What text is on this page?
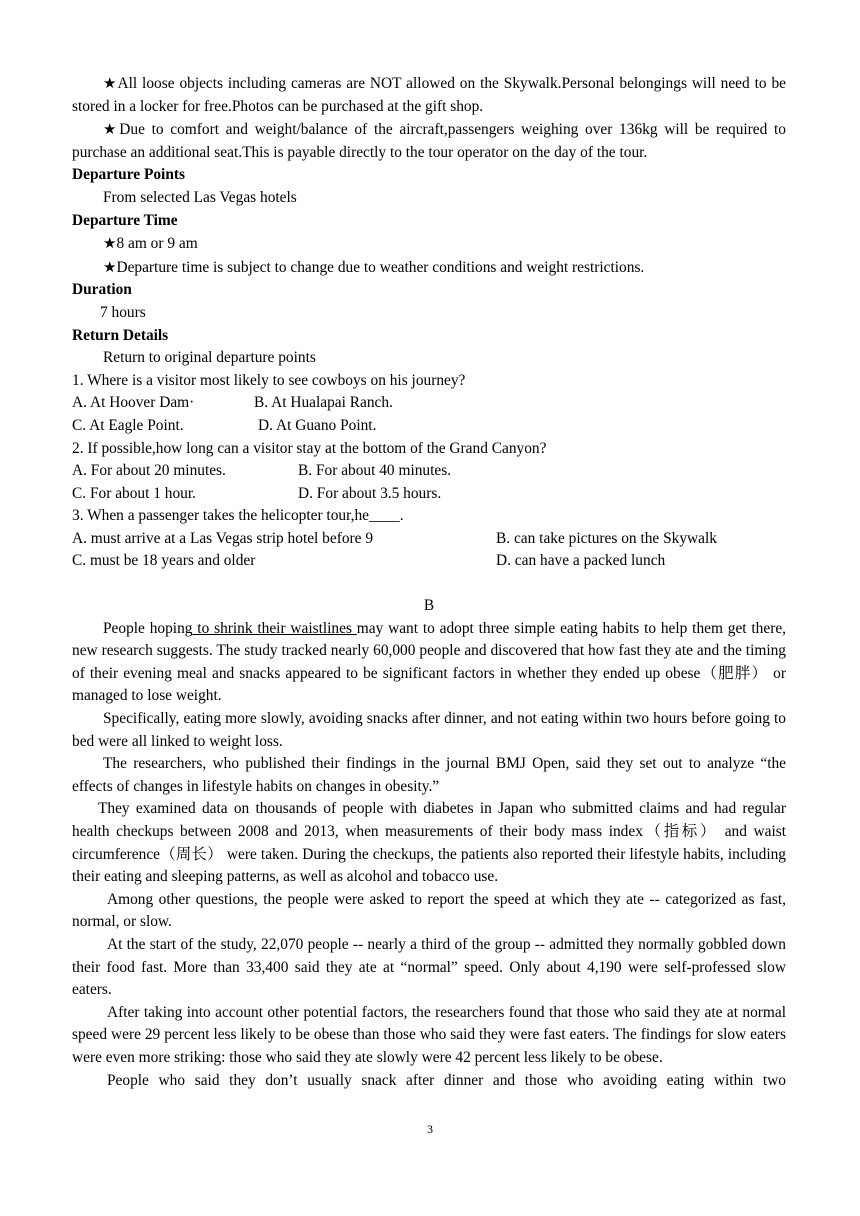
★All loose objects including cameras are NOT allowed on the Skywalk.Personal belongings will need to be stored in a locker for free.Photos can be purchased at the gift shop.

★Due to comfort and weight/balance of the aircraft,passengers weighing over 136kg will be required to purchase an additional seat.This is payable directly to the tour operator on the day of the tour.

Departure Points

From selected Las Vegas hotels

Departure Time

★8 am or 9 am

★Departure time is subject to change due to weather conditions and weight restrictions.

Duration

7 hours

Return Details

Return to original departure points

1. Where is a visitor most likely to see cowboys on his journey?

A. At Hoover Dam·	B. At Hualapai Ranch.
C. At Eagle Point.	D. At Guano Point.

2. If possible,how long can a visitor stay at the bottom of the Grand Canyon?

A. For about 20 minutes.	B. For about 40 minutes.
C. For about 1 hour.	D. For about 3.5 hours.

3. When a passenger takes the helicopter tour,he____.

A. must arrive at a Las Vegas strip hotel before 9	B. can take pictures on the Skywalk
C. must be 18 years and older	D. can have a packed lunch

B

People hoping to shrink their waistlines may want to adopt three simple eating habits to help them get there, new research suggests. The study tracked nearly 60,000 people and discovered that how fast they ate and the timing of their evening meal and snacks appeared to be significant factors in whether they ended up obese（肥胖） or managed to lose weight.

Specifically, eating more slowly, avoiding snacks after dinner, and not eating within two hours before going to bed were all linked to weight loss.

The researchers, who published their findings in the journal BMJ Open, said they set out to analyze “the effects of changes in lifestyle habits on changes in obesity.”

They examined data on thousands of people with diabetes in Japan who submitted claims and had regular health checkups between 2008 and 2013, when measurements of their body mass index（指标） and waist circumference（周长） were taken. During the checkups, the patients also reported their lifestyle habits, including their eating and sleeping patterns, as well as alcohol and tobacco use.

Among other questions, the people were asked to report the speed at which they ate -- categorized as fast, normal, or slow.

At the start of the study, 22,070 people -- nearly a third of the group -- admitted they normally gobbled down their food fast. More than 33,400 said they ate at “normal” speed. Only about 4,190 were self-professed slow eaters.

After taking into account other potential factors, the researchers found that those who said they ate at normal speed were 29 percent less likely to be obese than those who said they were fast eaters. The findings for slow eaters were even more striking: those who said they ate slowly were 42 percent less likely to be obese.

People who said they don’t usually snack after dinner and those who avoiding eating within two

3
